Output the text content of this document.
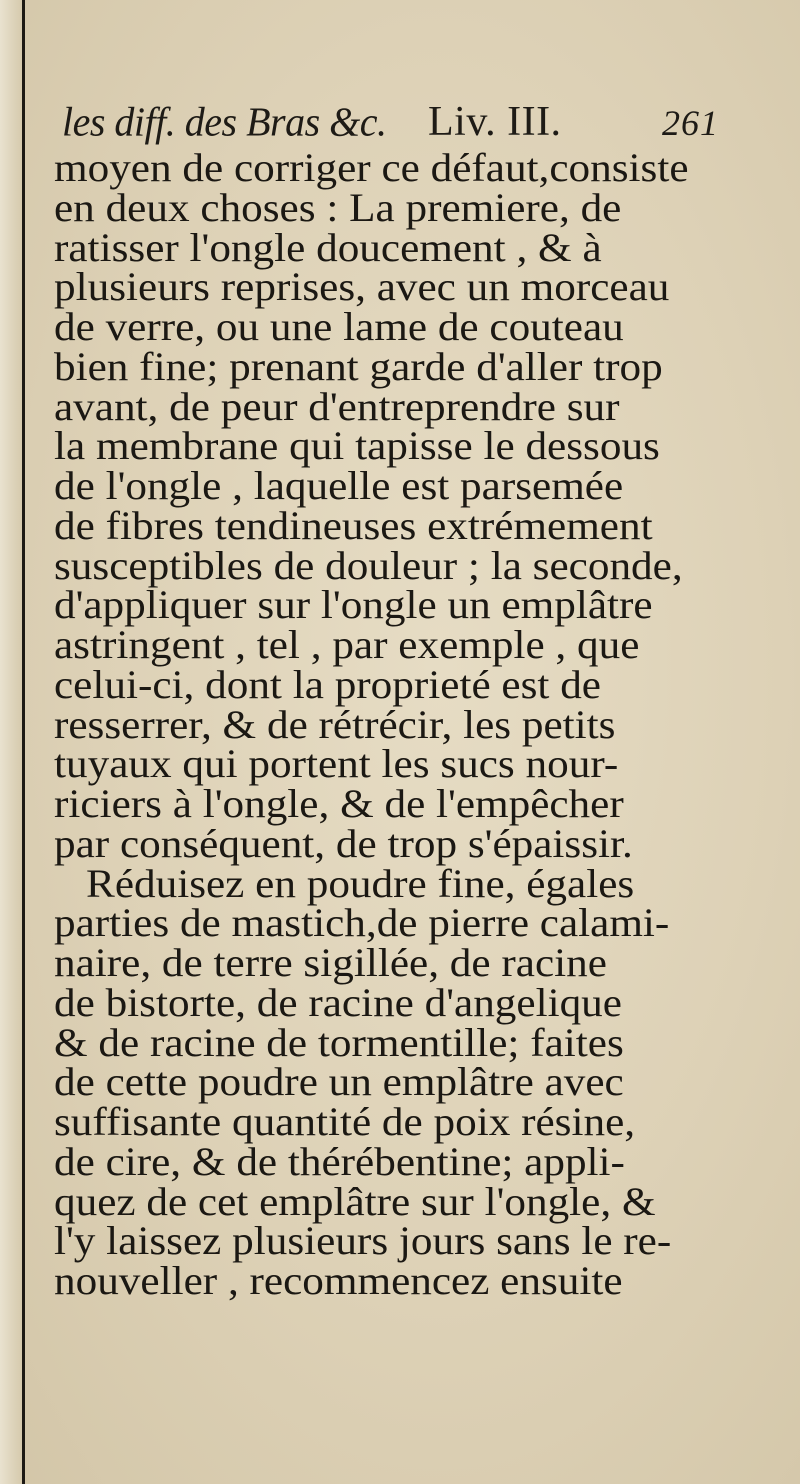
les diff. des Bras &c. Liv. III.	261
moyen de corriger ce défaut,consiste
en deux choses : La premiere, de
ratisser l'ongle doucement , & à
plusieurs reprises, avec un morceau
de verre, ou une lame de couteau
bien fine; prenant garde d'aller trop
avant, de peur d'entreprendre sur
la membrane qui tapisse le dessous
de l'ongle , laquelle est parsemée
de fibres tendineuses extrémement
susceptibles de douleur ; la seconde,
d'appliquer sur l'ongle un emplâtre
astringent , tel , par exemple , que
celui-ci, dont la proprieté est de
resserrer, & de rétrécir, les petits
tuyaux qui portent les sucs nour-
riciers à l'ongle, & de l'empêcher
par conséquent, de trop s'épaissir.
Réduisez en poudre fine, égales
parties de mastich,de pierre calami-
naire, de terre sigillée, de racine
de bistorte, de racine d'angelique
& de racine de tormentille; faites
de cette poudre un emplâtre avec
suffisante quantité de poix résine,
de cire, & de thérébentine; appli-
quez de cet emplâtre sur l'ongle, &
l'y laissez plusieurs jours sans le re-
nouveller , recommencez ensuite
